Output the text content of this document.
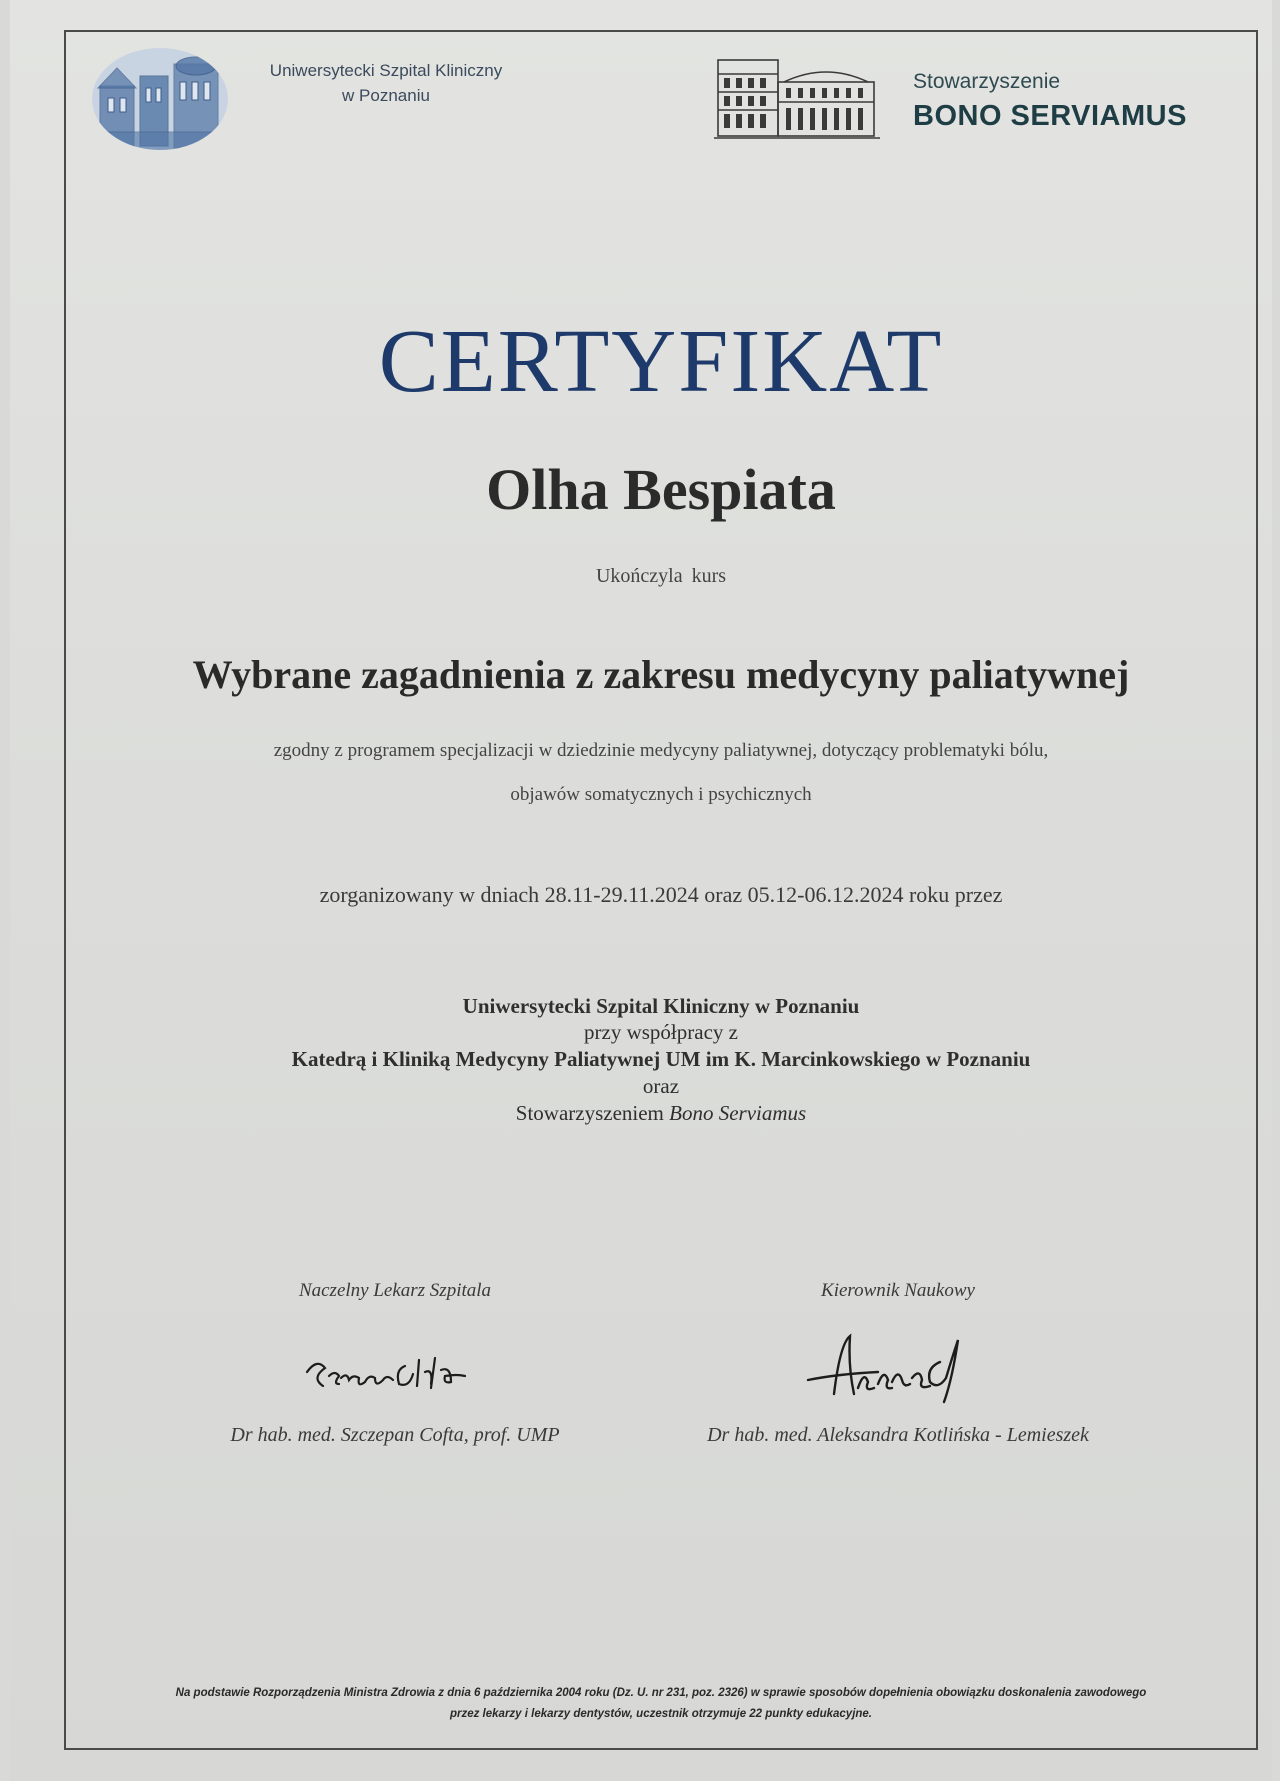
Uniwersytecki Szpital Kliniczny
w Poznaniu
Stowarzyszenie
BONO SERVIAMUS
CERTYFIKAT
Olha Bespiata
Ukończyla kurs
Wybrane zagadnienia z zakresu medycyny paliatywnej
zgodny z programem specjalizacji w dziedzinie medycyny paliatywnej, dotyczący problematyki bólu,
objawów somatycznych i psychicznych
zorganizowany w dniach 28.11-29.11.2024 oraz 05.12-06.12.2024 roku przez
Uniwersytecki Szpital Kliniczny w Poznaniu
przy współpracy z
Katedrą i Kliniką Medycyny Paliatywnej UM im K. Marcinkowskiego w Poznaniu
oraz
Stowarzyszeniem Bono Serviamus
Naczelny Lekarz Szpitala
Dr hab. med. Szczepan Cofta, prof. UMP
Kierownik Naukowy
Dr hab. med. Aleksandra Kotlińska - Lemieszek
Na podstawie Rozporządzenia Ministra Zdrowia z dnia 6 października 2004 roku (Dz. U. nr 231, poz. 2326) w sprawie sposobów dopełnienia obowiązku doskonalenia zawodowego
przez lekarzy i lekarzy dentystów, uczestnik otrzymuje 22 punkty edukacyjne.
